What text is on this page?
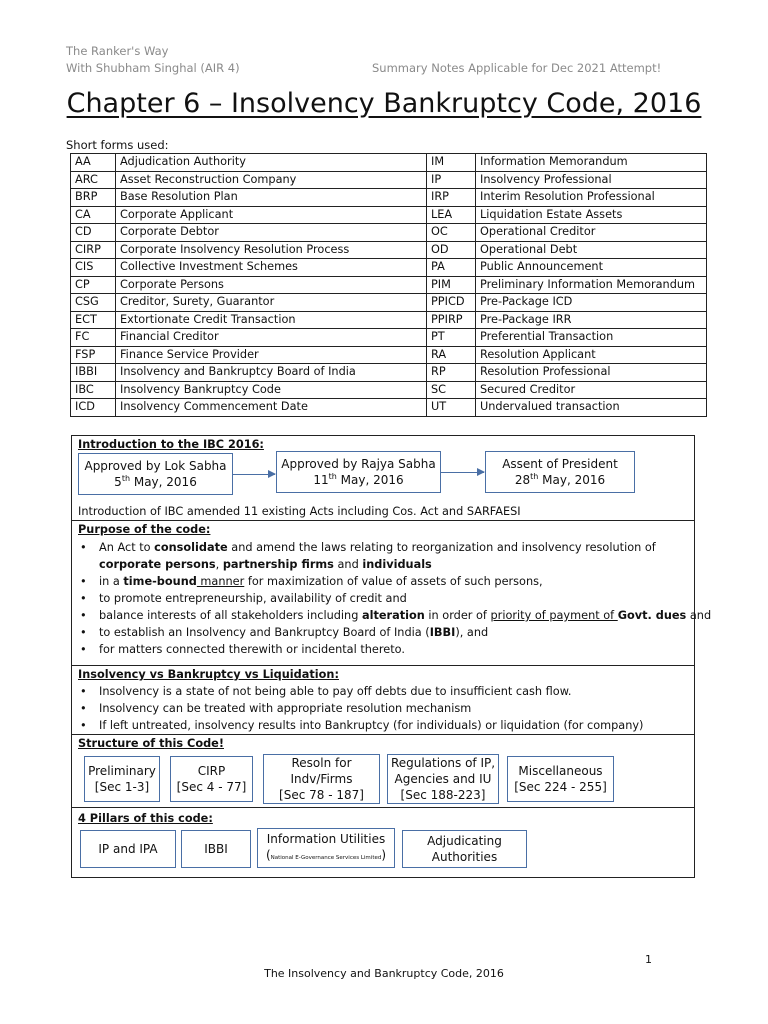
The Ranker's Way
With Shubham Singhal (AIR 4)	Summary Notes Applicable for Dec 2021 Attempt!
Chapter 6 – Insolvency Bankruptcy Code, 2016
Short forms used:
AA	Adjudication Authority	IM	Information Memorandum
ARC	Asset Reconstruction Company	IP	Insolvency Professional
BRP	Base Resolution Plan	IRP	Interim Resolution Professional
CA	Corporate Applicant	LEA	Liquidation Estate Assets
CD	Corporate Debtor	OC	Operational Creditor
CIRP	Corporate Insolvency Resolution Process	OD	Operational Debt
CIS	Collective Investment Schemes	PA	Public Announcement
CP	Corporate Persons	PIM	Preliminary Information Memorandum
CSG	Creditor, Surety, Guarantor	PPICD	Pre-Package ICD
ECT	Extortionate Credit Transaction	PPIRP	Pre-Package IRR
FC	Financial Creditor	PT	Preferential Transaction
FSP	Finance Service Provider	RA	Resolution Applicant
IBBI	Insolvency and Bankruptcy Board of India	RP	Resolution Professional
IBC	Insolvency Bankruptcy Code	SC	Secured Creditor
ICD	Insolvency Commencement Date	UT	Undervalued transaction
Introduction to the IBC 2016:
Approved by Lok Sabha
5th May, 2016
Approved by Rajya Sabha
11th May, 2016
Assent of President
28th May, 2016
Introduction of IBC amended 11 existing Acts including Cos. Act and SARFAESI
Purpose of the code:
• An Act to consolidate and amend the laws relating to reorganization and insolvency resolution of
corporate persons, partnership firms and individuals
• in a time-bound manner for maximization of value of assets of such persons,
• to promote entrepreneurship, availability of credit and
• balance interests of all stakeholders including alteration in order of priority of payment of Govt. dues and
• to establish an Insolvency and Bankruptcy Board of India (IBBI), and
• for matters connected therewith or incidental thereto.
Insolvency vs Bankruptcy vs Liquidation:
• Insolvency is a state of not being able to pay off debts due to insufficient cash flow.
• Insolvency can be treated with appropriate resolution mechanism
• If left untreated, insolvency results into Bankruptcy (for individuals) or liquidation (for company)
Structure of this Code!
Preliminary
[Sec 1-3]
CIRP
[Sec 4 - 77]
Resoln for
Indv/Firms
[Sec 78 - 187]
Regulations of IP,
Agencies and IU
[Sec 188-223]
Miscellaneous
[Sec 224 - 255]
4 Pillars of this code:
IP and IPA	IBBI
Information Utilities
(National E-Governance Services Limited)
Adjudicating
Authorities
1
The Insolvency and Bankruptcy Code, 2016
